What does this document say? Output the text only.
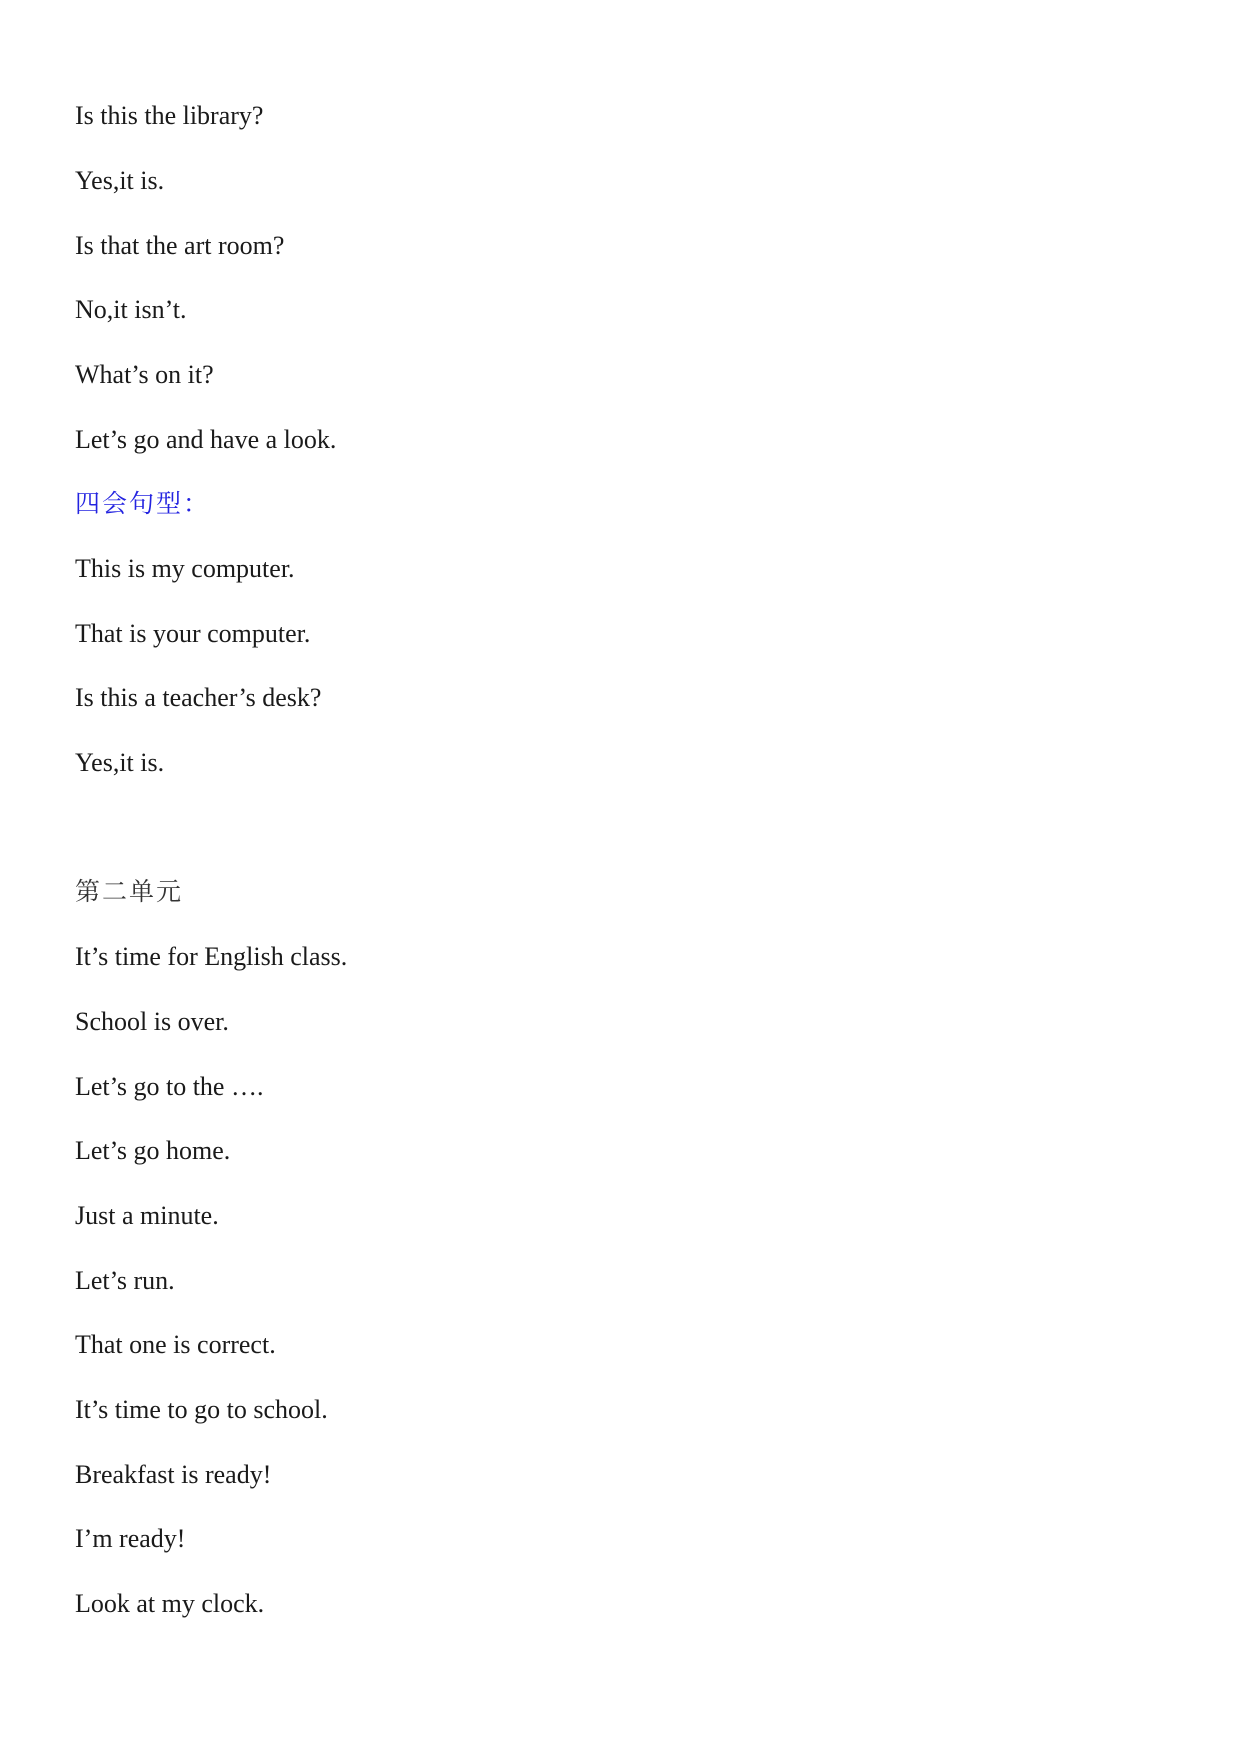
Is this the library?

Yes,it is.

Is that the art room?

No,it isn’t.

What’s on it?

Let’s go and have a look.

四会句型：

This is my computer.

That is your computer.

Is this a teacher’s desk?

Yes,it is.

第二单元

It’s time for English class.

School is over.

Let’s go to the ….

Let’s go home.

Just a minute.

Let’s run.

That one is correct.

It’s time to go to school.

Breakfast is ready!

I’m ready!

Look at my clock.
